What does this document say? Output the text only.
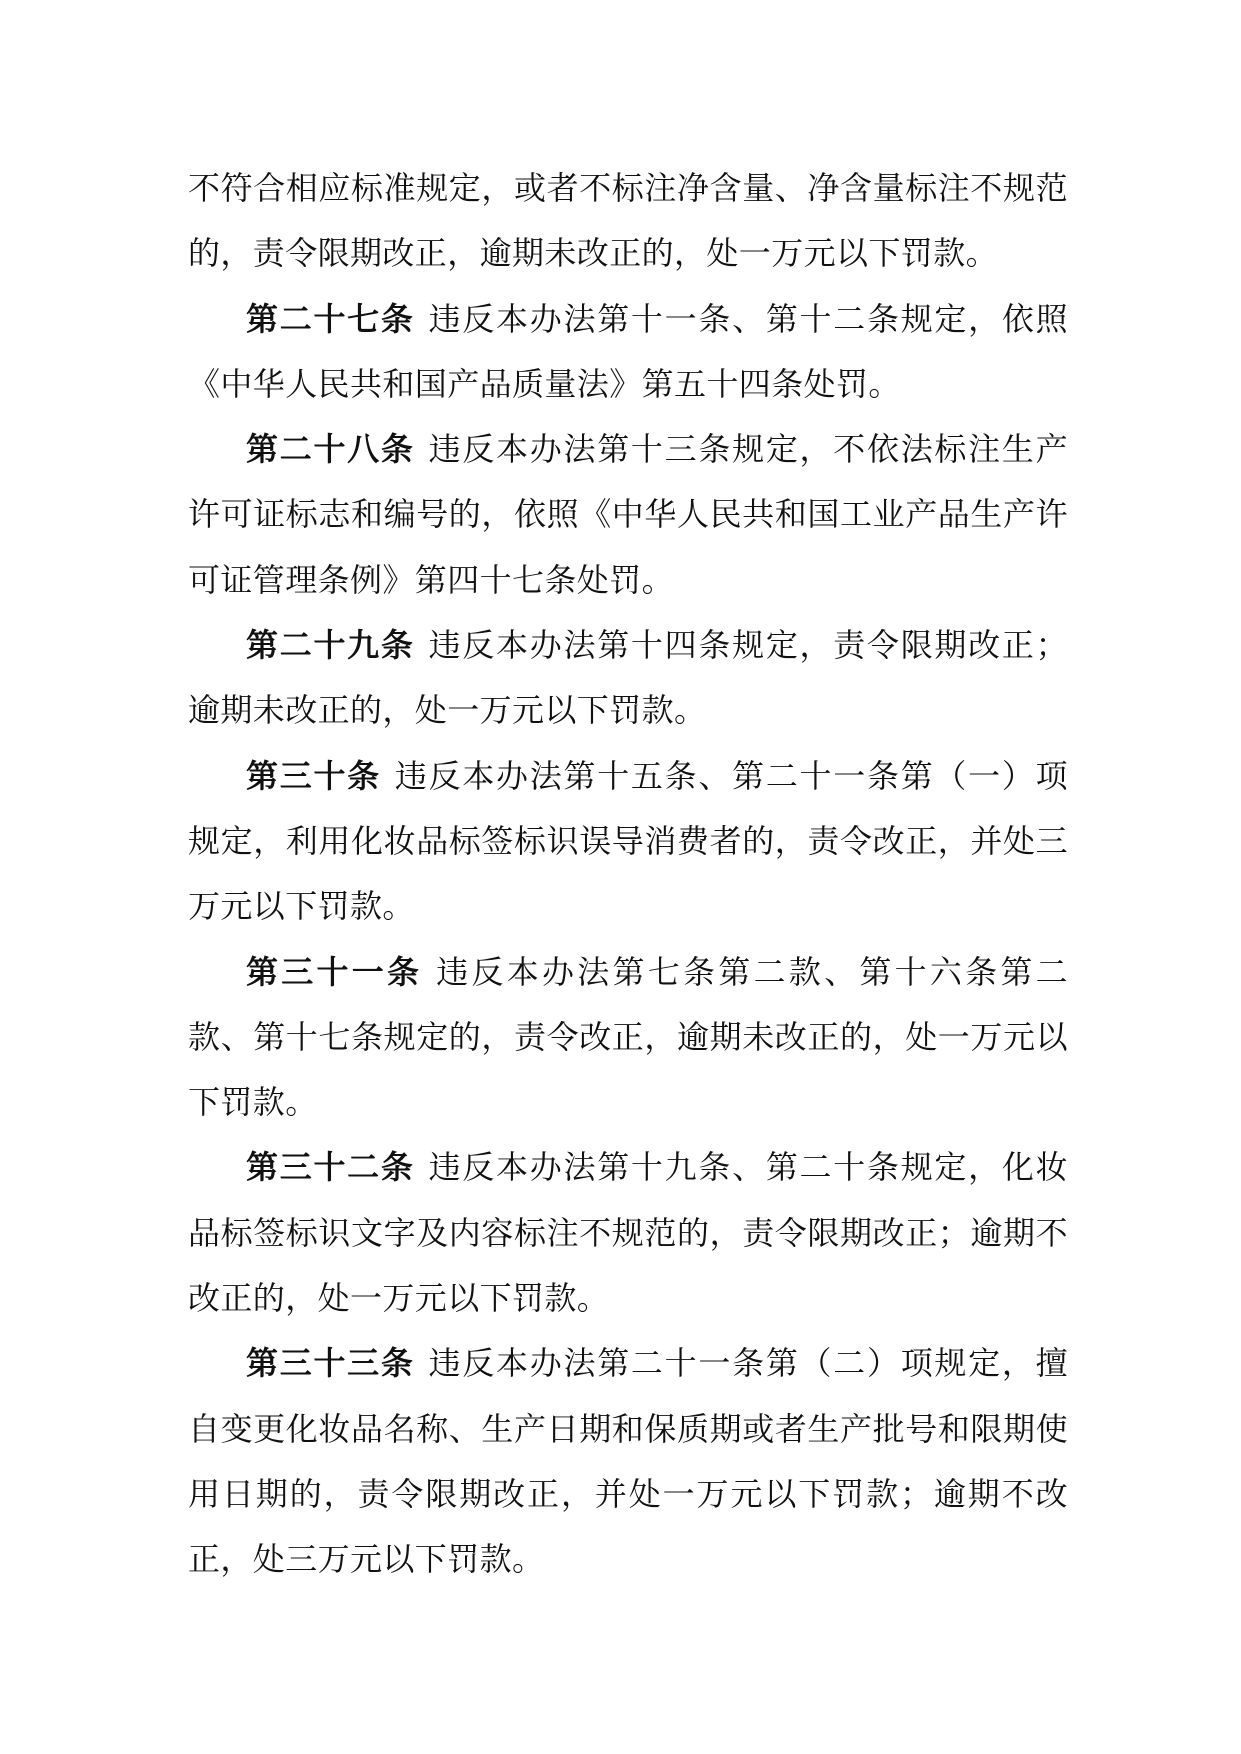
不符合相应标准规定，或者不标注净含量、净含量标注不规范的，责令限期改正，逾期未改正的，处一万元以下罚款。

第二十七条 违反本办法第十一条、第十二条规定，依照《中华人民共和国产品质量法》第五十四条处罚。

第二十八条 违反本办法第十三条规定，不依法标注生产许可证标志和编号的，依照《中华人民共和国工业产品生产许可证管理条例》第四十七条处罚。

第二十九条 违反本办法第十四条规定，责令限期改正；逾期未改正的，处一万元以下罚款。

第三十条 违反本办法第十五条、第二十一条第（一）项规定，利用化妆品标签标识误导消费者的，责令改正，并处三万元以下罚款。

第三十一条 违反本办法第七条第二款、第十六条第二款、第十七条规定的，责令改正，逾期未改正的，处一万元以下罚款。

第三十二条 违反本办法第十九条、第二十条规定，化妆品标签标识文字及内容标注不规范的，责令限期改正；逾期不改正的，处一万元以下罚款。

第三十三条 违反本办法第二十一条第（二）项规定，擅自变更化妆品名称、生产日期和保质期或者生产批号和限期使用日期的，责令限期改正，并处一万元以下罚款；逾期不改正，处三万元以下罚款。
